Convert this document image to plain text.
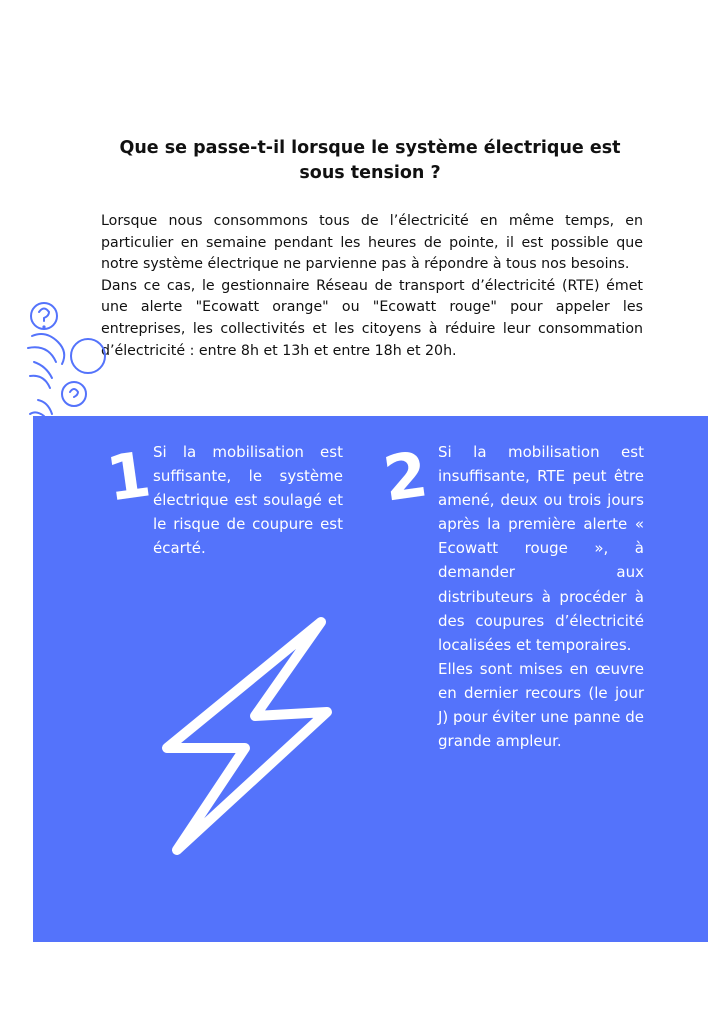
Que se passe-t-il lorsque le système électrique est sous tension ?

Lorsque nous consommons tous de l’électricité en même temps, en particulier en semaine pendant les heures de pointe, il est possible que notre système électrique ne parvienne pas à répondre à tous nos besoins.

Dans ce cas, le gestionnaire Réseau de transport d’électricité (RTE) émet une alerte "Ecowatt orange" ou "Ecowatt rouge" pour appeler les entreprises, les collectivités et les citoyens à réduire leur consommation d’électricité : entre 8h et 13h et entre 18h et 20h.

1

Si la mobilisation est suffisante, le système électrique est soulagé et le risque de coupure est écarté.

2 Si la mobilisation est insuffisante, RTE peut être amené, deux ou trois jours après la première alerte « Ecowatt rouge », à demander aux distributeurs à procéder à des coupures d’électricité localisées et temporaires.

Elles sont mises en œuvre en dernier recours (le jour J) pour éviter une panne de grande ampleur.
